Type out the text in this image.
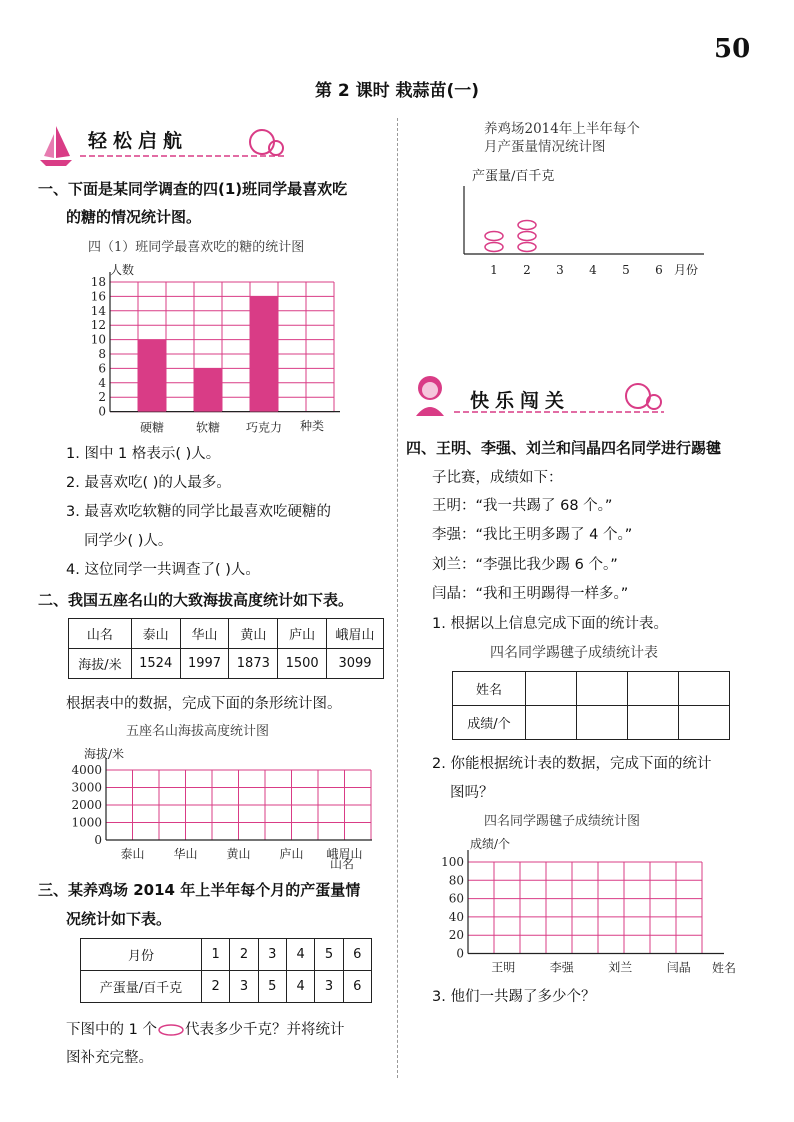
50
第 2 课时 栽蒜苗(一)
轻松启航
一、下面是某同学调查的四(1)班同学最喜欢吃
的糖的情况统计图。
四（1）班同学最喜欢吃的糖的统计图
人数
种类
0
2
4
6
8
10
12
14
16
18
硬糖	软糖 巧克力
1. 图中 1 格表示( )人。
2. 最喜欢吃( )的人最多。
3. 最喜欢吃软糖的同学比最喜欢吃硬糖的
同学少( )人。
4. 这位同学一共调查了( )人。
二、我国五座名山的大致海拔高度统计如下表。
山名	泰山	华山	黄山	庐山	峨眉山
海拔/米	1524	1997	1873	1500	3099
根据表中的数据，完成下面的条形统计图。
五座名山海拔高度统计图
海拔/米
山名
0
1000
2000
3000
4000
泰山 华山 黄山 庐山 峨眉山
三、某养鸡场 2014 年上半年每个月的产蛋量情
况统计如下表。
月份	1	2	3	4	5	6
产蛋量/百千克	2	3	5	4	3	6
下图中的 1 个 代表多少千克？并将统计
图补充完整。
养鸡场2014年上半年每个
月产蛋量情况统计图
产蛋量/百千克
月份
1 2 3 4 5 6
快乐闯关
四、王明、李强、刘兰和闫晶四名同学进行踢毽
子比赛，成绩如下：
王明：“我一共踢了 68 个。”
李强：“我比王明多踢了 4 个。”
刘兰：“李强比我少踢 6 个。”
闫晶：“我和王明踢得一样多。”
1. 根据以上信息完成下面的统计表。
四名同学踢毽子成绩统计表
姓名				
成绩/个				
2. 你能根据统计表的数据，完成下面的统计
图吗？
四名同学踢毽子成绩统计图
成绩/个
姓名
0
20
40
60
80
100
王明	李强	刘兰	闫晶
3. 他们一共踢了多少个？
